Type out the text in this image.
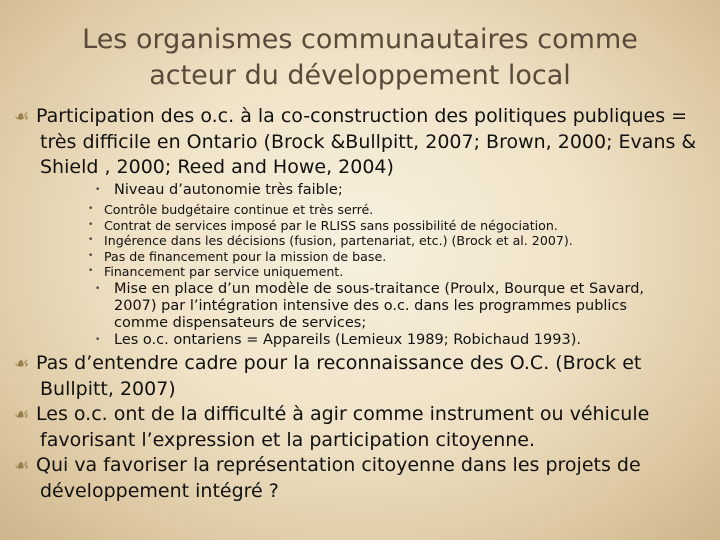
Les organismes communautaires comme
acteur du développement local
☙ Participation des o.c. à la co-construction des politiques publiques = très difficile en Ontario (Brock &Bullpitt, 2007; Brown, 2000; Evans & Shield , 2000; Reed and Howe, 2004)
• Niveau d’autonomie très faible;
• Contrôle budgétaire continue et très serré.
• Contrat de services imposé par le RLISS sans possibilité de négociation.
• Ingérence dans les décisions (fusion, partenariat, etc.) (Brock et al. 2007).
• Pas de financement pour la mission de base.
• Financement par service uniquement.
• Mise en place d’un modèle de sous-traitance (Proulx, Bourque et Savard, 2007) par l’intégration intensive des o.c. dans les programmes publics comme dispensateurs de services;
• Les o.c. ontariens = Appareils (Lemieux 1989; Robichaud 1993).
☙ Pas d’entendre cadre pour la reconnaissance des O.C. (Brock et Bullpitt, 2007)
☙ Les o.c. ont de la difficulté à agir comme instrument ou véhicule favorisant l’expression et la participation citoyenne.
☙ Qui va favoriser la représentation citoyenne dans les projets de développement intégré ?
